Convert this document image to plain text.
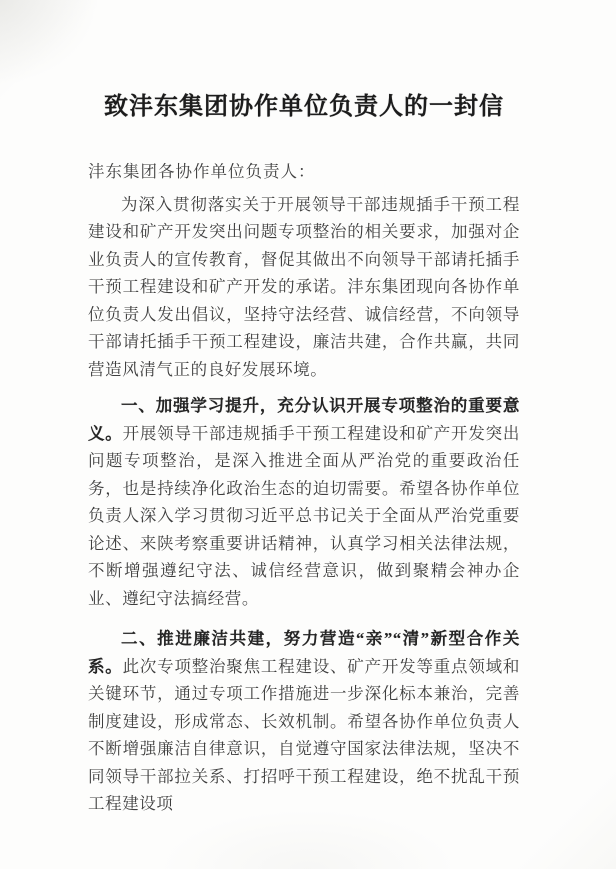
致沣东集团协作单位负责人的一封信
沣东集团各协作单位负责人：

为深入贯彻落实关于开展领导干部违规插手干预工程建设和矿产开发突出问题专项整治的相关要求，加强对企业负责人的宣传教育，督促其做出不向领导干部请托插手干预工程建设和矿产开发的承诺。沣东集团现向各协作单位负责人发出倡议，坚持守法经营、诚信经营，不向领导干部请托插手干预工程建设，廉洁共建，合作共赢，共同营造风清气正的良好发展环境。

一、加强学习提升，充分认识开展专项整治的重要意义。开展领导干部违规插手干预工程建设和矿产开发突出问题专项整治，是深入推进全面从严治党的重要政治任务，也是持续净化政治生态的迫切需要。希望各协作单位负责人深入学习贯彻习近平总书记关于全面从严治党重要论述、来陕考察重要讲话精神，认真学习相关法律法规，不断增强遵纪守法、诚信经营意识，做到聚精会神办企业、遵纪守法搞经营。

二、推进廉洁共建，努力营造“亲”“清”新型合作关系。此次专项整治聚焦工程建设、矿产开发等重点领域和关键环节，通过专项工作措施进一步深化标本兼治，完善制度建设，形成常态、长效机制。希望各协作单位负责人不断增强廉洁自律意识，自觉遵守国家法律法规，坚决不同领导干部拉关系、打招呼干预工程建设，绝不扰乱干预工程建设项
